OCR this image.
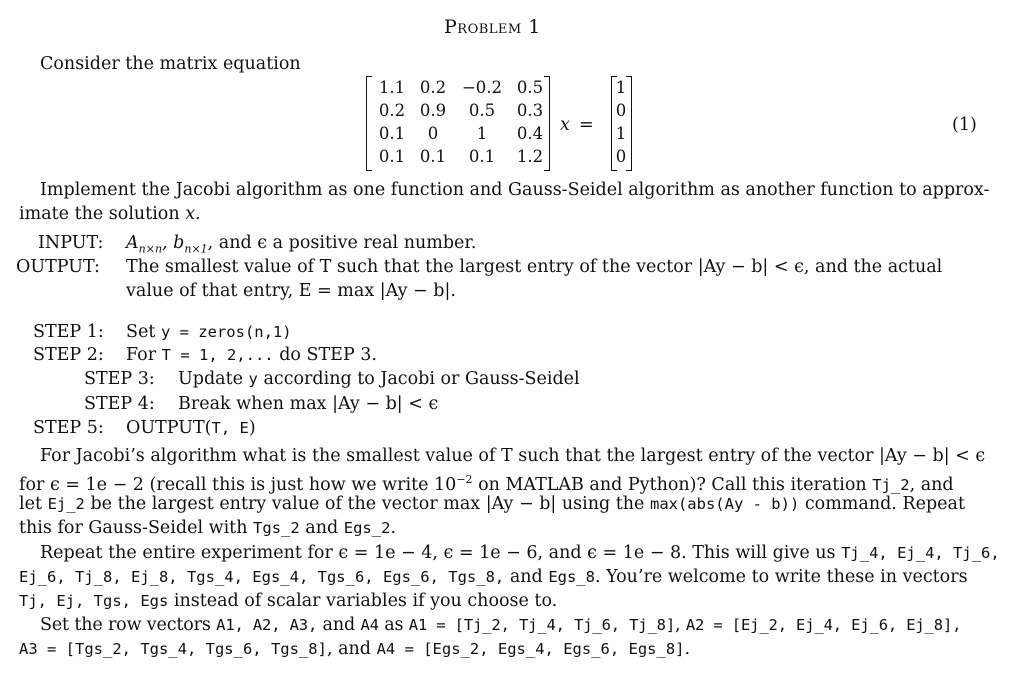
Problem 1
Consider the matrix equation
1.1 0.2 −0.2 0.5
0.2 0.9	0.5	0.3
0.1	0	1	0.4
0.1 0.1	0.1	1.2
x =
1
0
1
0
(1)
Implement the Jacobi algorithm as one function and Gauss-Seidel algorithm as another function to approx-
imate the solution x.
INPUT: $A_{n\times n}$, $b_{n\times 1}$, and ϵ a positive real number.
OUTPUT: The smallest value of T such that the largest entry of the vector |Ay − b| < ϵ, and the actual
value of that entry, E = max |Ay − b|.
STEP 1: Set y = zeros(n,1)
STEP 2: For T = 1, 2,... do STEP 3.
STEP 3: Update y according to Jacobi or Gauss-Seidel
STEP 4: Break when max |Ay − b| < ϵ
STEP 5: OUTPUT(T, E)
For Jacobi’s algorithm what is the smallest value of T such that the largest entry of the vector |Ay − b| < ϵ
for ϵ = 1e − 2 (recall this is just how we write $10^{-2}$ on MATLAB and Python)? Call this iteration Tj_2, and
let Ej_2 be the largest entry value of the vector max |Ay − b| using the max(abs(Ay - b)) command. Repeat
this for Gauss-Seidel with Tgs_2 and Egs_2.
Repeat the entire experiment for ϵ = 1e − 4, ϵ = 1e − 6, and ϵ = 1e − 8. This will give us Tj_4, Ej_4, Tj_6,
Ej_6, Tj_8, Ej_8, Tgs_4, Egs_4, Tgs_6, Egs_6, Tgs_8, and Egs_8. You’re welcome to write these in vectors
Tj, Ej, Tgs, Egs instead of scalar variables if you choose to.
Set the row vectors A1, A2, A3, and A4 as A1 = [Tj_2, Tj_4, Tj_6, Tj_8], A2 = [Ej_2, Ej_4, Ej_6, Ej_8],
A3 = [Tgs_2, Tgs_4, Tgs_6, Tgs_8], and A4 = [Egs_2, Egs_4, Egs_6, Egs_8].
